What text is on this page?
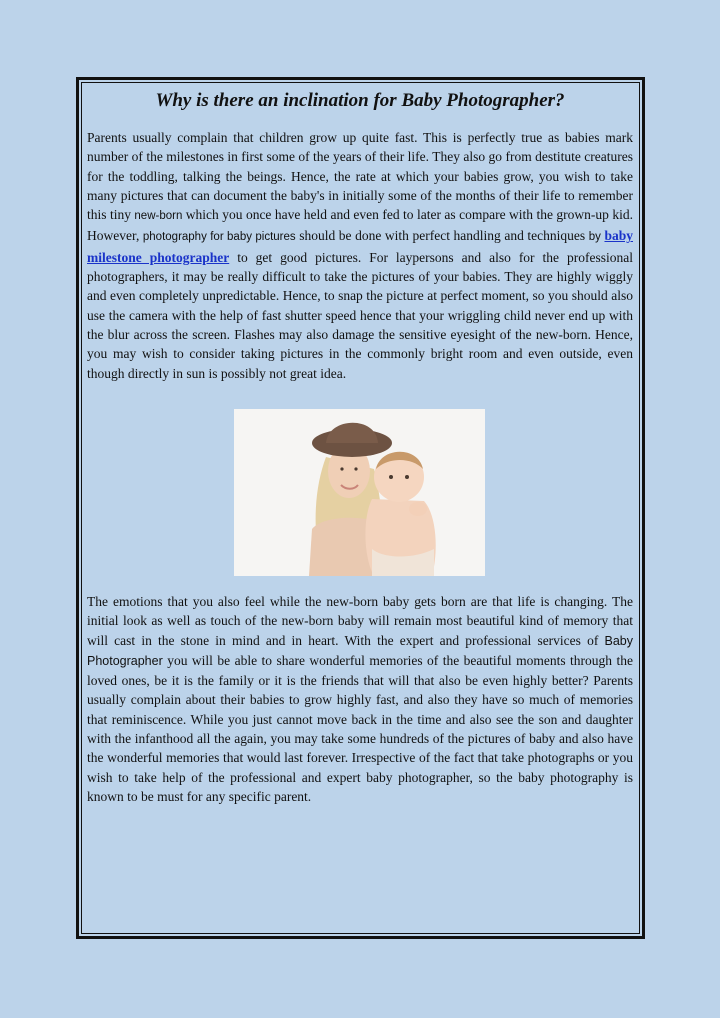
Why is there an inclination for Baby Photographer?

Parents usually complain that children grow up quite fast. This is perfectly true as babies mark number of the milestones in first some of the years of their life. They also go from destitute creatures for the toddling, talking the beings. Hence, the rate at which your babies grow, you wish to take many pictures that can document the baby's in initially some of the months of their life to remember this tiny new-born which you once have held and even fed to later as compare with the grown-up kid. However, photography for baby pictures should be done with perfect handling and techniques by baby milestone photographer to get good pictures. For laypersons and also for the professional photographers, it may be really difficult to take the pictures of your babies. They are highly wiggly and even completely unpredictable. Hence, to snap the picture at perfect moment, so you should also use the camera with the help of fast shutter speed hence that your wriggling child never end up with the blur across the screen. Flashes may also damage the sensitive eyesight of the new-born. Hence, you may wish to consider taking pictures in the commonly bright room and even outside, even though directly in sun is possibly not great idea.

The emotions that you also feel while the new-born baby gets born are that life is changing. The initial look as well as touch of the new-born baby will remain most beautiful kind of memory that will cast in the stone in mind and in heart. With the expert and professional services of Baby Photographer you will be able to share wonderful memories of the beautiful moments through the loved ones, be it is the family or it is the friends that will that also be even highly better? Parents usually complain about their babies to grow highly fast, and also they have so much of memories that reminiscence. While you just cannot move back in the time and also see the son and daughter with the infanthood all the again, you may take some hundreds of the pictures of baby and also have the wonderful memories that would last forever. Irrespective of the fact that take photographs or you wish to take help of the professional and expert baby photographer, so the baby photography is known to be must for any specific parent.
